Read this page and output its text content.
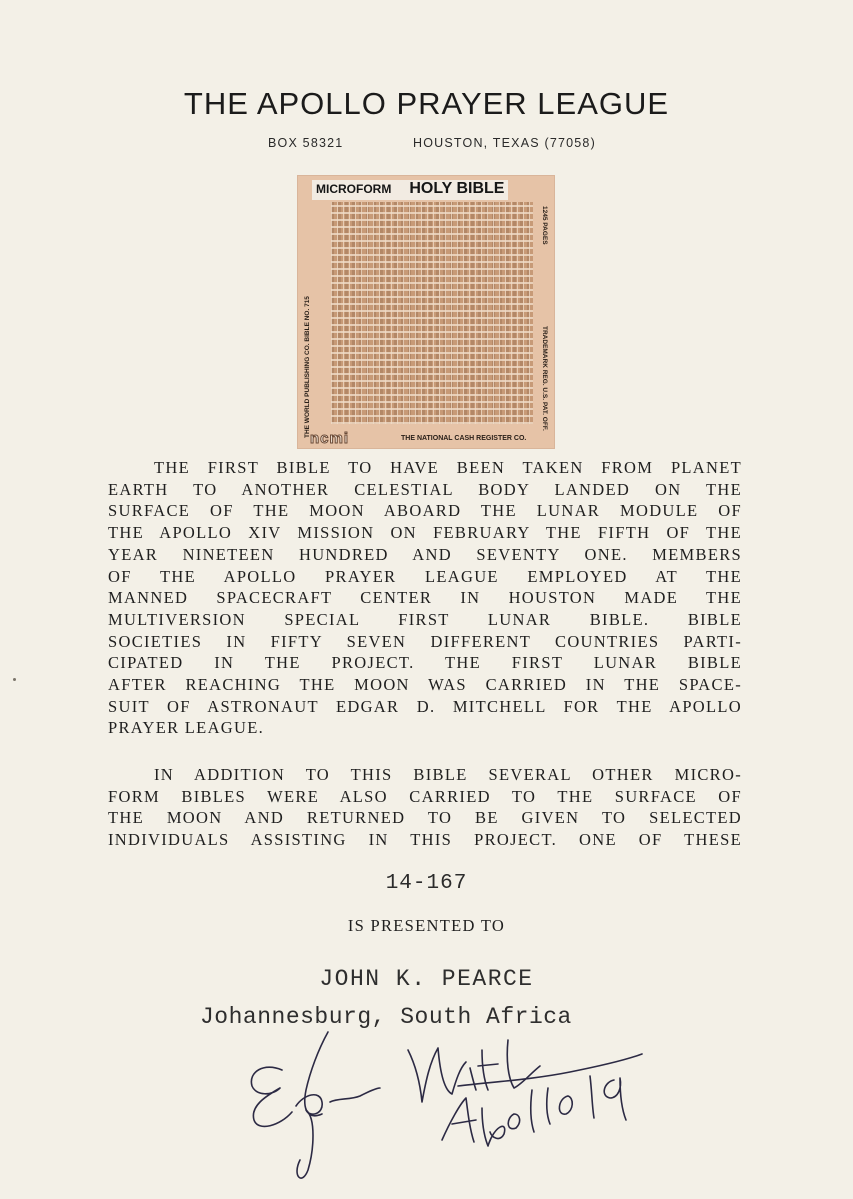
THE APOLLO PRAYER LEAGUE
BOX 58321	HOUSTON, TEXAS (77058)
MICROFORM HOLY BIBLE
THE WORLD PUBLISHING CO. BIBLE NO. 715
1245 PAGES
TRADEMARK REG. U.S. PAT. OFF.
ncmi	THE NATIONAL CASH REGISTER CO.
THE FIRST BIBLE TO HAVE BEEN TAKEN FROM PLANET
EARTH TO ANOTHER CELESTIAL BODY LANDED ON THE
SURFACE OF THE MOON ABOARD THE LUNAR MODULE OF
THE APOLLO XIV MISSION ON FEBRUARY THE FIFTH OF THE
YEAR NINETEEN HUNDRED AND SEVENTY ONE. MEMBERS
OF THE APOLLO PRAYER LEAGUE EMPLOYED AT THE
MANNED SPACECRAFT CENTER IN HOUSTON MADE THE
MULTIVERSION SPECIAL FIRST LUNAR BIBLE. BIBLE
SOCIETIES IN FIFTY SEVEN DIFFERENT COUNTRIES PARTI-
CIPATED IN THE PROJECT. THE FIRST LUNAR BIBLE
AFTER REACHING THE MOON WAS CARRIED IN THE SPACE-
SUIT OF ASTRONAUT EDGAR D. MITCHELL FOR THE APOLLO
PRAYER LEAGUE.
IN ADDITION TO THIS BIBLE SEVERAL OTHER MICRO-
FORM BIBLES WERE ALSO CARRIED TO THE SURFACE OF
THE MOON AND RETURNED TO BE GIVEN TO SELECTED
INDIVIDUALS ASSISTING IN THIS PROJECT. ONE OF THESE
14-167
IS PRESENTED TO
JOHN K. PEARCE
Johannesburg, South Africa
